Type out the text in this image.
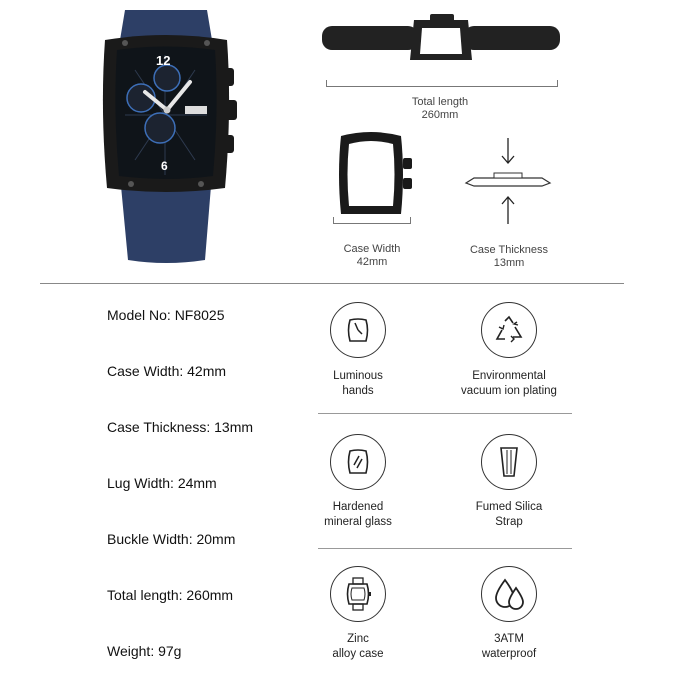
12
6
Total length
260mm
Case Width
42mm
Case Thickness
13mm
Model No: NF8025
Case Width: 42mm
Case Thickness: 13mm
Lug Width: 24mm
Buckle Width: 20mm
Total length: 260mm
Weight: 97g
Luminous
hands
Environmental
vacuum ion plating
Hardened
mineral glass
Fumed Silica
Strap
Zinc
alloy case
3ATM
waterproof
